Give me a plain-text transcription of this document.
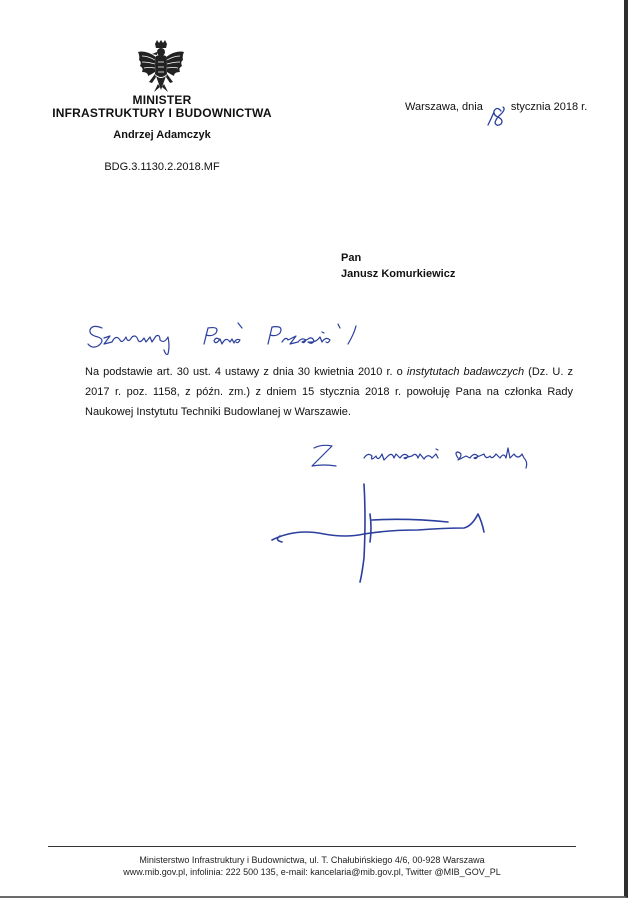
MINISTER
INFRASTRUKTURY I BUDOWNICTWA
Andrzej Adamczyk
BDG.3.1130.2.2018.MF
Warszawa, dnia	stycznia 2018 r.
Pan
Janusz Komurkiewicz
Na podstawie art. 30 ust. 4 ustawy z dnia 30 kwietnia 2010 r. o instytutach badawczych (Dz. U. z 2017 r. poz. 1158, z późn. zm.) z dniem 15 stycznia 2018 r. powołuję Pana na członka Rady Naukowej Instytutu Techniki Budowlanej w Warszawie.
Ministerstwo Infrastruktury i Budownictwa, ul. T. Chałubińskiego 4/6, 00-928 Warszawa
www.mib.gov.pl, infolinia: 222 500 135, e-mail: kancelaria@mib.gov.pl, Twitter @MIB_GOV_PL
